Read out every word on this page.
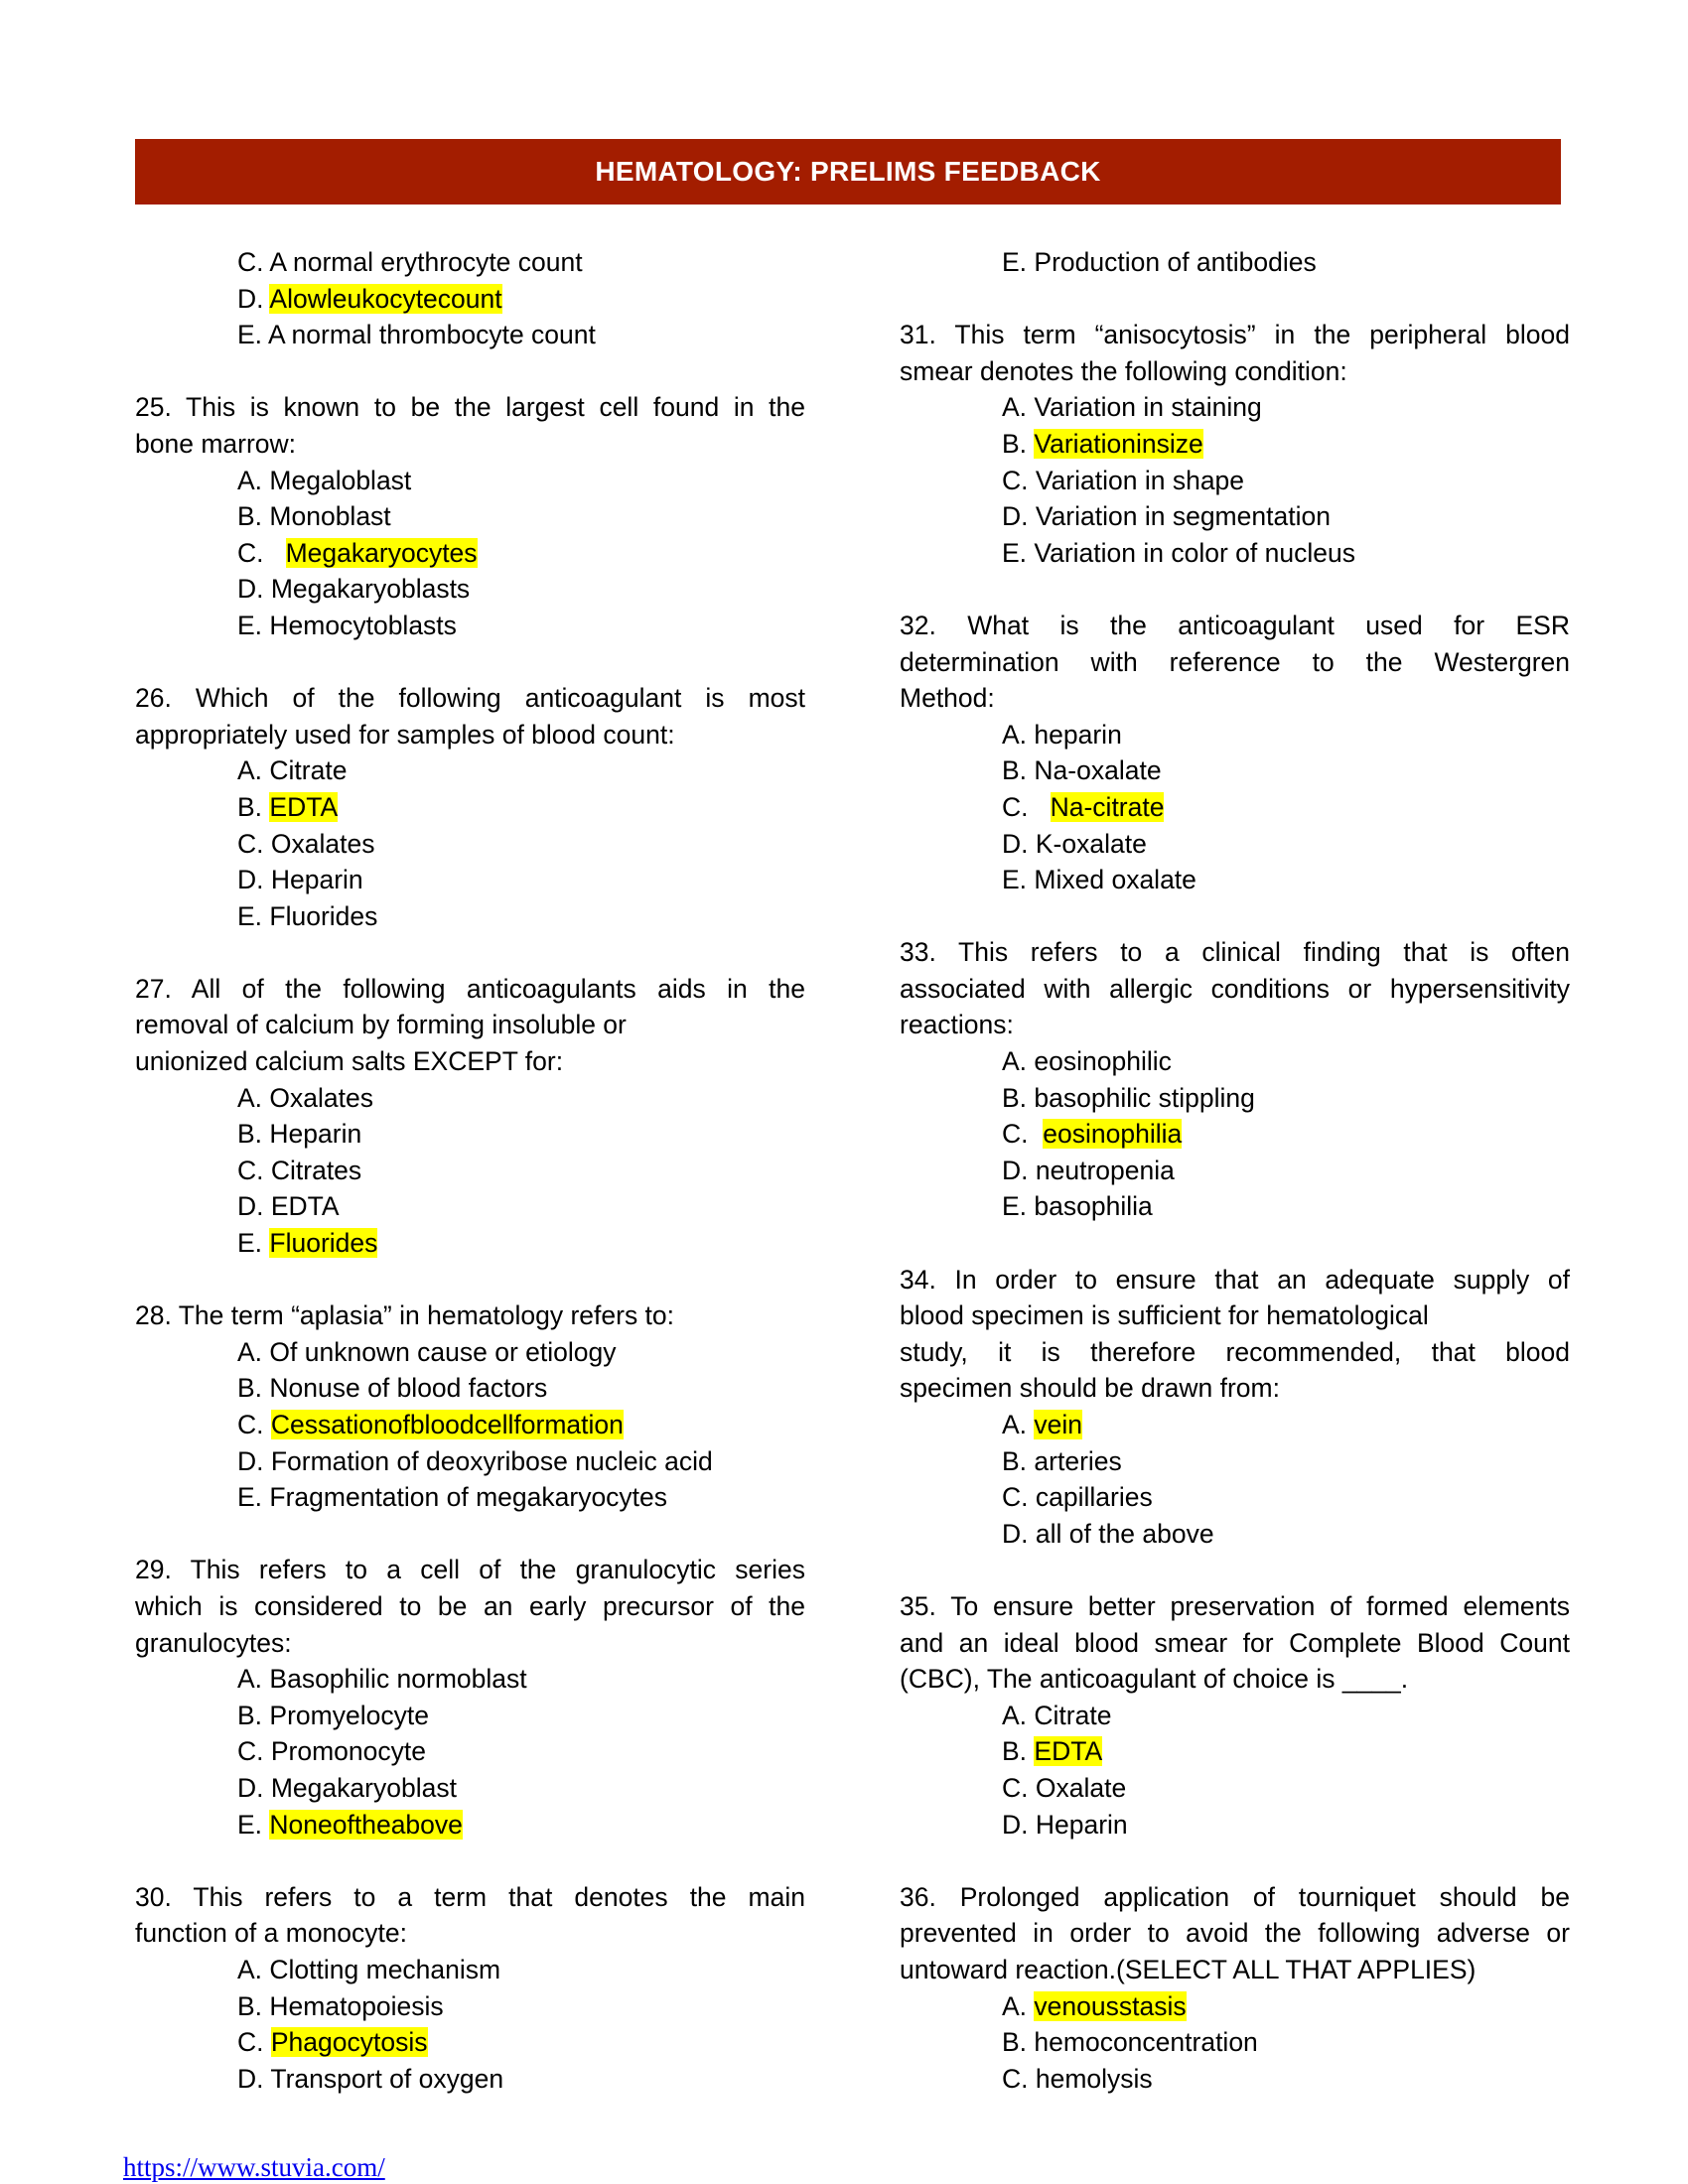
HEMATOLOGY: PRELIMS FEEDBACK
C. A normal erythrocyte count
D. Alowleukocytecount
E. A normal thrombocyte count
25. This is known to be the largest cell found in the
bone marrow:
A. Megaloblast
B. Monoblast
C.   Megakaryocytes
D. Megakaryoblasts
E. Hemocytoblasts
26. Which of the following anticoagulant is most
appropriately used for samples of blood count:
A. Citrate
B. EDTA
C. Oxalates
D. Heparin
E. Fluorides
27. All of the following anticoagulants aids in the
removal of calcium by forming insoluble or
unionized calcium salts EXCEPT for:
A. Oxalates
B. Heparin
C. Citrates
D. EDTA
E. Fluorides
28. The term “aplasia” in hematology refers to:
A. Of unknown cause or etiology
B. Nonuse of blood factors
C. Cessationofbloodcellformation
D. Formation of deoxyribose nucleic acid
E. Fragmentation of megakaryocytes
29. This refers to a cell of the granulocytic series
which is considered to be an early precursor of the
granulocytes:
A. Basophilic normoblast
B. Promyelocyte
C. Promonocyte
D. Megakaryoblast
E. Noneoftheabove
30. This refers to a term that denotes the main
function of a monocyte:
A. Clotting mechanism
B. Hematopoiesis
C. Phagocytosis
D. Transport of oxygen
E. Production of antibodies
31. This term “anisocytosis” in the peripheral blood
smear denotes the following condition:
A. Variation in staining
B. Variationinsize
C. Variation in shape
D. Variation in segmentation
E. Variation in color of nucleus
32. What is the anticoagulant used for ESR
determination with reference to the Westergren
Method:
A. heparin
B. Na-oxalate
C.   Na-citrate
D. K-oxalate
E. Mixed oxalate
33. This refers to a clinical finding that is often
associated with allergic conditions or hypersensitivity
reactions:
A. eosinophilic
B. basophilic stippling
C.  eosinophilia
D. neutropenia
E. basophilia
34. In order to ensure that an adequate supply of
blood specimen is sufficient for hematological
study, it is therefore recommended, that blood
specimen should be drawn from:
A. vein
B. arteries
C. capillaries
D. all of the above
35. To ensure better preservation of formed elements
and an ideal blood smear for Complete Blood Count
(CBC), The anticoagulant of choice is ____.
A. Citrate
B. EDTA
C. Oxalate
D. Heparin
36. Prolonged application of tourniquet should be
prevented in order to avoid the following adverse or
untoward reaction.(SELECT ALL THAT APPLIES)
A. venousstasis
B. hemoconcentration
C. hemolysis
https://www.stuvia.com/
